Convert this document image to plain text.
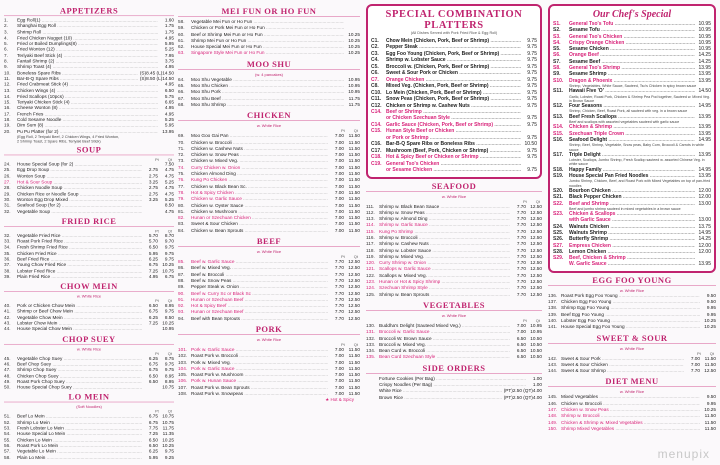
APPETIZERS
1.	Egg Roll(1) .....	1.60
2.	Shanghai Egg Roll .....	1.75
3.	Shrimp Roll .....	1.75
4.	Fried Chicken Nugget (10) .....	4.95
5.	Fried or Boiled Dumplings(8) .....	5.95
6.	Fried Wonton (12) .....	5.25
7.	Teriyaki Beef Stick (4) .....	7.95
8.	Fantail Shrimp (2) .....	3.75
9.	Shrimp Toast (4) .....	4.95
10.	Boneless Spare Ribs .....	(S)8.45 (L)14.50
11.	Bar-B-Q Spare Ribs .....	(S)8.50 (L)14.50
12.	Fried Crabmeat Stick (4) .....	4.95
13.	Chicken Wings (4) .....	6.50
14.	Fried Scallops (10pcs) .....	5.75
15.	Teriyaki Chicken Stick (4) .....	6.65
16.	Cheese Wonton (8) .....	4.95
17.	French Fries .....	4.95
18.	Cold Sesame Noodle .....	5.25
19.	Dim Sum (8) .....	5.95
20.	Pu Pu Platter (for 2) .....	13.95
(Egg Roll, 2 Teriyaki Beef, 2 Chicken Wings, 4 Fried Wonton,
2 Shrimp Toast, 2 Spare Ribs, Teriyaki Beef Stick)
SOUP
Pt Qt
24.	House Special Soup (for 2) .....	7.50
25.	Egg Drop Soup .....	2.75	4.75
26.	Wonton Soup .....	2.75	4.75
27.	Hot & Sour Soup .....	3.25	5.25
28.	Chicken Noodle Soup .....	2.75	4.75
29.	Chicken Rice or Noodle Soup .....	2.75	4.75
30.	Wonton Egg Drop Mixed .....	3.25	5.25
31.	Seafood Soup (for 2) .....	8.50
32.	Vegetable Soup .....	4.75
FRIED RICE
Pt Qt
32.	Vegetable Fried Rice .....	5.70	8.70
33.	Roast Pork Fried Rice .....	5.70	9.70
34.	Fresh Shrimp Fried Rice .....	6.50	9.75
35.	Chicken Fried Rice .....	5.95	9.75
36.	Beef Fried Rice .....	6.25	9.75
37.	Young Chow Fried Rice .....	6.75 10.25
38.	Lobster Fried Rice .....	7.25 10.75
39.	Plain Fried Rice .....	4.95	6.75
CHOW MEIN
w. White Rice
Pt Qt
40.	Pork or Chicken Chow Mein .....	6.50	8.95
41.	Shrimp or Beef Chow Mein .....	6.75	9.75
42.	Vegetable Chow Mein .....	6.25	8.50
43.	Lobster Chow Mein .....	7.25 10.25
44.	House Special Chow Mein .....	10.95
CHOP SUEY
w. White Rice
Pt Qt
45.	Vegetable Chop Suey .....	6.25	8.75
46.	Beef Chop Suey .....	6.75	9.75
47.	Shrimp Chop Suey .....	6.75	9.75
48.	Chicken Chop Suey .....	6.50	8.95
49.	Roast Pork Chop Suey .....	6.50	8.95
50.	House Special Chop Suey .....	10.75
LO MEIN
(Soft Noodles)
Pt Qt
51.	Beef Lo Mein .....	6.75 10.75
52.	Shrimp Lo Mein .....	6.75 10.75
53.	Fresh Lobster Lo Mein .....	7.75 11.75
54.	House Special Lo Mein .....	7.25 11.35
55.	Chicken Lo Mein .....	6.50 10.25
56.	Roast Pork Lo Mein .....	6.50 10.25
57.	Vegetable Lo Mein .....	6.25	9.75
58.	Plain Lo Mein .....	5.95	9.25
MEI FUN OR HO FUN
58.	Vegetable Mei Fun or Ho Fun .....
59.	Chicken or Pork Mei Fun or Ho Fun .....
60.	Beef or Shrimp Mei Fun or Ho Fun .....	10.25
61.	Shrimp Mei Fun or Ho Fun .....	10.25
62.	House Special Mei Fun or Ho Fun .....	10.25
63.	Singapore Style Mei Fun or Ho Fun .....	10.25
MOO SHU
(w. 4 pancakes)
64.	Moo Shu Vegetable .....	10.95
65.	Moo Shu Chicken .....	10.95
66.	Moo Shu Pork .....	10.95
67.	Moo Shu Beef .....	11.75
68.	Moo Shu Shrimp .....	11.75
CHICKEN
w. White Rice
Pt Qt
69.	Moo Goo Gai Pan .....	7.00 11.50
70.	Chicken w. Broccoli .....	7.00 11.50
71.	Chicken w. Cashew Nuts .....	7.00 11.50
72.	Chicken w. Snow Peas .....	7.00 11.50
73.	Chicken w. Mixed Veg. .....	7.00 11.50
74.	Curry Chicken w. Onion .....	7.00 11.50
75.	Chicken Almond Ding .....	7.00 11.50
76.	Kung Po Chicken .....	7.00 11.50
77.	Chicken w. Black Bean Sc. .....	7.00 11.50
78.	Hot & Spicy Chicken .....	7.00 11.50
79.	Chicken w. Garlic Sauce .....	7.00 11.50
80.	Chicken w. Oyster Sauce .....	7.00 11.50
81.	Chicken w. Mushroom .....	7.00 11.50
82.	Hunan or Szechuan Chicken .....	7.00 11.50
83.	Sweet & Sour Chicken .....	7.00 11.50
84.	Chicken w. Bean Sprouts .....	7.00 11.50
BEEF
w. White Rice
Pt Qt
85.	Beef w. Garlic Sauce .....	7.70 12.50
86.	Beef w. Mixed Veg. .....	7.70 12.50
87.	Beef w. Broccoli .....	7.70 12.50
88.	Beef w. Snow Peas .....	7.70 12.50
89.	Pepper Steak w. Onion .....	7.70 12.50
90.	Beef w. Curry Sc or Black Sc .....	7.70 12.50
91.	Hunan or Szechuan Beef .....	7.70 12.50
92.	Hot & Spicy Beef .....	7.70 12.50
93.	Hunan or Szechuan Beef .....	7.70 12.50
94.	Beef with Bean Sprouts .....	7.70 12.50
PORK
w. White Rice
Pt Qt
101. Pork w. Garlic Sauce .....	7.00 11.50
102. Roast Pork w. Broccoli .....	7.00 11.50
103. Pork w. Mixed Veg. .....	7.00 11.50
104. Pork w. Garlic Sauce .....	7.00 11.50
105. Roast Pork w. Mushroom .....	7.00 11.50
106. Pork w. Hunan Sauce .....	7.00 11.50
107. Roast Pork w. Bean Sprouts .....	7.00 11.50
108. Roast Pork w. Snowpeas .....	7.00 11.50
★ Hot & Spicy
SPECIAL COMBINATION
PLATTERS
(All Dishes Served with Pork Fried Rice & Egg Roll)
C1.	Chow Mein (Chicken, Pork, Beef or Shrimp) .....	9.75
C2.	Pepper Steak .....	9.75
C3.	Egg Foo Young (Chicken, Pork, Beef or Shrimp) .....	9.75
C4.	Shrimp w. Lobster Sauce .....	9.75
C5.	Broccoli w. (Chicken, Pork, Beef or Shrimp) .....	9.75
C6.	Sweet & Sour Pork or Chicken .....	9.75
C7.	Orange Chicken .....	9.75
C8.	Mixed Veg. (Chicken, Pork, Beef or Shrimp) .....	9.75
C10. Lo Mein (Chicken, Pork, Beef or Shrimp) .....	9.75
C11. Snow Peas (Chicken, Pork, Beef or Shrimp) .....	9.75
C12. Chicken or Shrimp w. Cashew Nuts .....	9.75
C14. Beef or Shrimp .....
or Chicken Szechuan Style .....	9.75
C14. Garlic Sauce (Chicken, Pork, Beef or Shrimp) .....	9.75
C15. Hunan Style Beef or Chicken .....
or Pork or Shrimp .....	9.75
C16. Bar-B-Q Spare Ribs or Boneless Ribs .....	10.50
C17. Mushroom (Beef, Pork, Chicken or Shrimp) .....	9.75
C18. Hot & Spicy Beef or Chicken or Shrimp .....	9.75
C19. General Tso's Chicken .....
or Sesame Chicken .....	9.75
SEAFOOD
w. White Rice
Pt Qt
111. Shrimp w. Black Bean Sauce .....	7.70 12.50
112. Shrimp w. Snow Peas .....	7.70 12.50
113. Shrimp w. Almond Ding .....	7.70 12.50
114. Shrimp w. Garlic Sauce .....	7.70 12.50
115. Kung Po Shrimp .....	7.70 12.50
116. Shrimp w. Broccoli .....	7.70 12.50
117. Shrimp w. Cashew Nuts .....	7.70 12.50
118. Shrimp w. Lobster Sauce .....	7.70 12.50
119. Shrimp w. Mixed Veg. .....	7.70 12.50
120. Curry Shrimp w. Onion .....	7.70 12.50
121. Scallops w. Garlic Sauce .....	7.70 12.50
122. Scallops w. Mixed Veg. .....	7.70 12.50
123. Hunan or Hot & Spicy Shrimp .....	7.70 12.50
124. Szechuan Shrimp Style .....	7.70 12.50
125. Shrimp w. Bean Sprouts .....	7.70 12.50
VEGETABLES
w. White Rice
Pt Qt
130. Buddha's Delight (Sauteed Mixed Veg.) .....	7.00 10.95
131. Broccoli w. Garlic Sauce .....	7.00 10.95
132. Broccoli W. Brown Sauce .....	6.50 10.50
133. Broccoli w. Mixed Veg. .....	6.50 10.50
134. Bean Curd w. Broccoli .....	6.50 10.50
135. Bean Curd Szechuan Style .....	6.50 10.50
SIDE ORDERS
Fortune Cookies (Per Bag) .....	1.00
Crispy Noodles (Per Bag) .....	1.00
White Rice .....	(PT)2.50 (QT)4.00
Brown Rice .....	(PT)2.50 (QT)4.00
Our Chef's Special
S1.	General Tso's Tofu .....	10.95
S2.	Sesame Tofu .....	10.95
S3.	General Tso's Chicken .....	10.95
S4.	Crispy Orange Chicken .....	10.95
S5.	Sesame Chicken .....	10.95
S6.	Orange Beef .....	14.25
S7.	Sesame Beef .....	14.25
S8.	General Tso's Shrimp .....	13.95
S9.	Sesame Shrimp .....	13.95
S10.	Dragon & Phoenix .....	13.95
Shrimp, Vegetables, White Sauce, Sauteed, Tso's Chicken in spicy brown sauce
S11.	Hawaii Five 'O' .....	14.50
Garlic, Lobster, Roast Pork, Chicken & Shrimp Pea Pod together, Sauteed w. Mixed Veg. in Brown Sauce
S12.	Four Seasons .....	14.95
Shrimp, Chicken, Beef, Roast Pork, all sauteed with veg. in a brown sauce
S13.	Beef Fresh Scallops .....	13.95
Beef and scallops with assorted vegetables sauteed with garlic sauce
S14.	Chicken & Shrimp .....	13.95
S15.	Szechuan Triple Crown .....	13.95
S16.	Seafood Delight .....	14.95
Shrimp, Beef, Shrimp, Vegetable, Snow peas, Baby Corn, Broccoli & Carrots in white sauce
S17.	Triple Delight .....	13.95
Lobster, Scallops, Jumbo Shrimp, Fresh Scallop sauteed w. assorted Chinese Veg. in white sauce
S18.	Happy Family .....	14.95
S19.	House Special Pan Fried Noodles .....	13.95
Jumbo Shrimp, Chicken, Beef, and Roast Pork with Mixed Vegetables on top of pan-fried noodles
S20.	Bourbon Chicken .....	12.00
S21.	Black Pepper Chicken .....	12.00
S22.	Beef and Shrimp .....	13.00
Beef and jumbo shrimp sauteed in mixed vegetables in a brown sauce
S23.	Chicken & Scallops .....
with Garlic Sauce .....	13.00
S24.	Walnuts Chicken .....	13.75
S25.	Walnuts Shrimp .....	14.95
S26.	Butterfly Shrimp .....	14.25
S27.	Empress Chicken .....	12.00
S28.	Lemon Chicken .....	12.00
S29.	Beef, Chicken & Shrimp .....
W. Garlic Sauce .....	13.95
EGG FOO YOUNG
w. White Rice
136. Roast Pork Egg Foo Young .....	9.50
137. Chicken Egg Foo Young .....	9.50
138. Shrimp Egg Foo Young .....	9.95
139. Beef Egg Foo Young .....	9.95
140. Lobster Egg Foo Young .....	10.25
141. House Special Egg Foo Young .....	10.25
SWEET & SOUR
w. White Rice
Pt Qt
142. Sweet & Sour Pork .....	7.00 11.50
143. Sweet & Sour Chicken .....	7.00 11.50
144. Sweet & Sour Shrimp .....	7.70 12.50
DIET MENU
w. White Rice
145. Mixed Vegetables .....	9.50
146. Chicken w. Broccoli .....	9.95
147. Chicken w. Snow Peas .....	10.25
148. Shrimp w. Broccoli .....	11.50
149. Chicken & Shrimp w. Mixed Vegetables .....	11.50
150. Shrimp Mixed Vegetables .....	11.50
menupix
